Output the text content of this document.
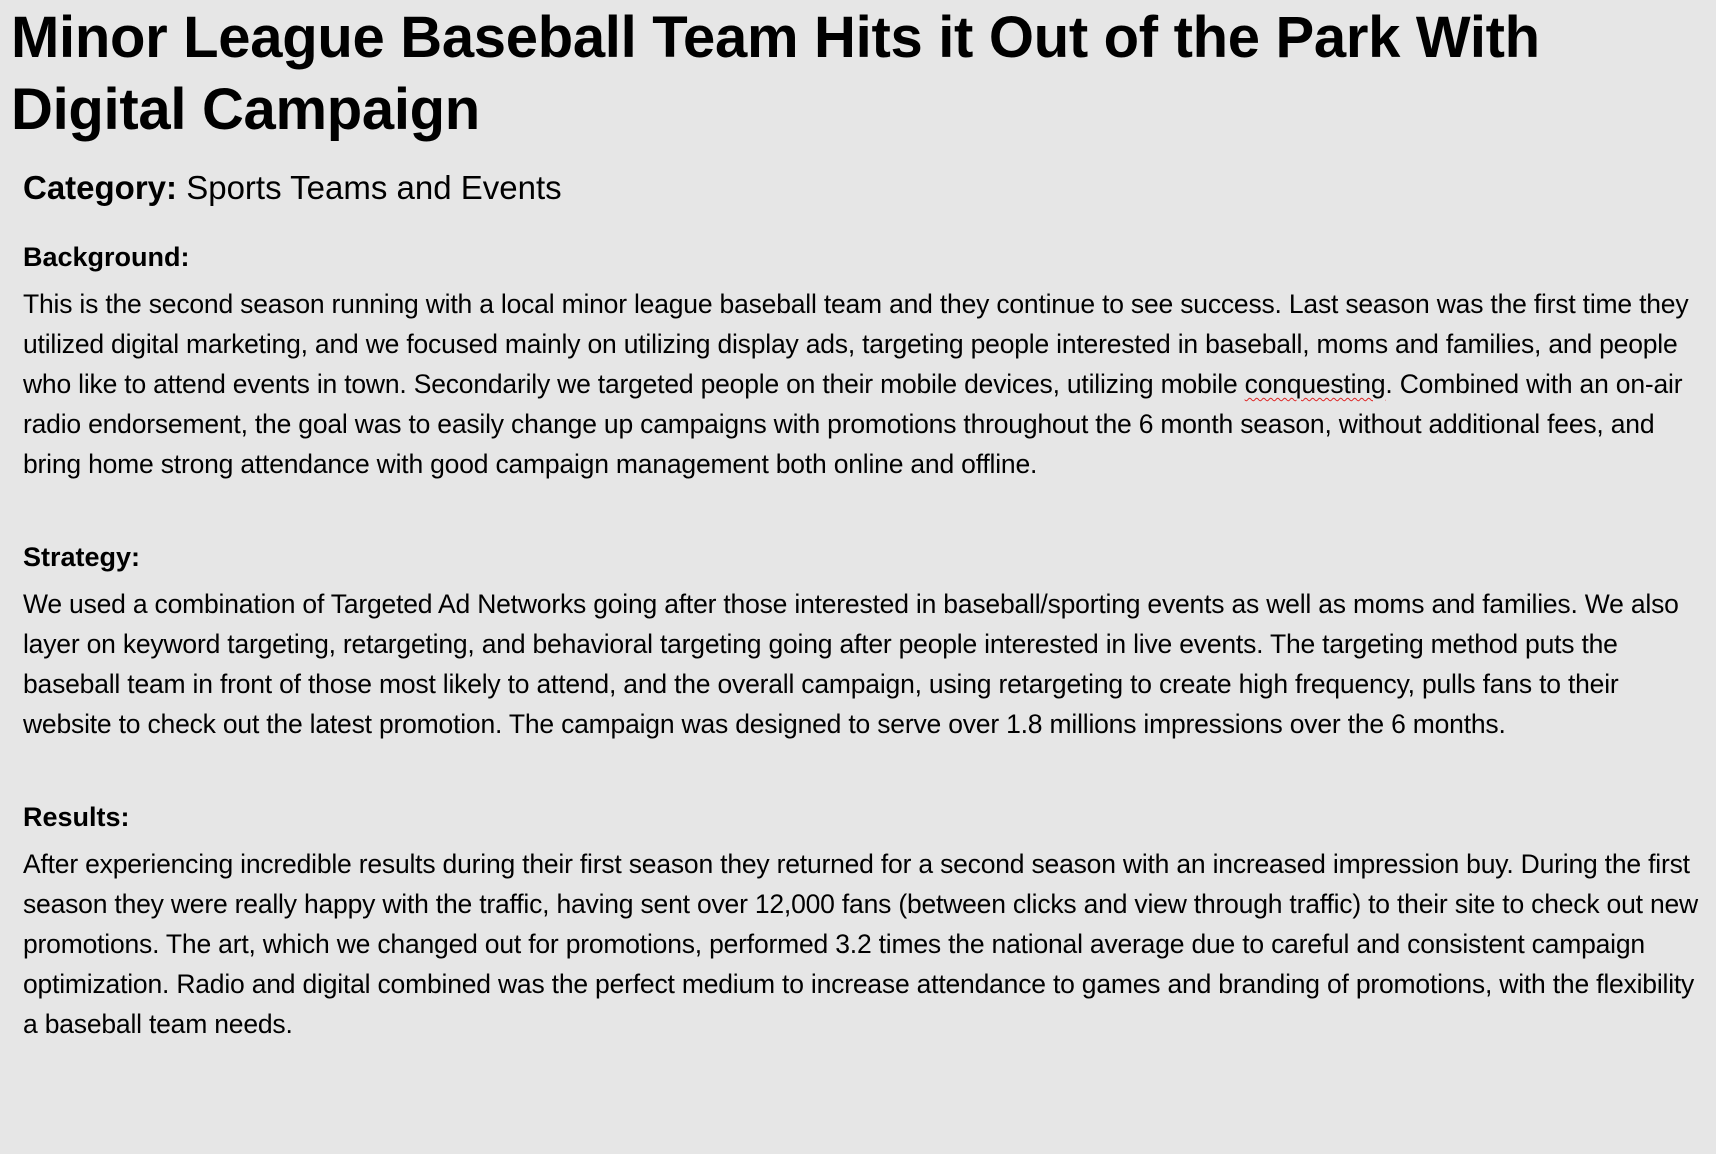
Minor League Baseball Team Hits it Out of the Park With Digital Campaign
Category: Sports Teams and Events
Background:

This is the second season running with a local minor league baseball team and they continue to see success. Last season was the first time they utilized digital marketing, and we focused mainly on utilizing display ads, targeting people interested in baseball, moms and families, and people who like to attend events in town. Secondarily we targeted people on their mobile devices, utilizing mobile conquesting. Combined with an on-air radio endorsement, the goal was to easily change up campaigns with promotions throughout the 6 month season, without additional fees, and bring home strong attendance with good campaign management both online and offline.

Strategy:

We used a combination of Targeted Ad Networks going after those interested in baseball/sporting events as well as moms and families. We also layer on keyword targeting, retargeting, and behavioral targeting going after people interested in live events. The targeting method puts the baseball team in front of those most likely to attend, and the overall campaign, using retargeting to create high frequency, pulls fans to their website to check out the latest promotion. The campaign was designed to serve over 1.8 millions impressions over the 6 months.

Results:

After experiencing incredible results during their first season they returned for a second season with an increased impression buy. During the first season they were really happy with the traffic, having sent over 12,000 fans (between clicks and view through traffic) to their site to check out new promotions. The art, which we changed out for promotions, performed 3.2 times the national average due to careful and consistent campaign optimization. Radio and digital combined was the perfect medium to increase attendance to games and branding of promotions, with the flexibility a baseball team needs.
